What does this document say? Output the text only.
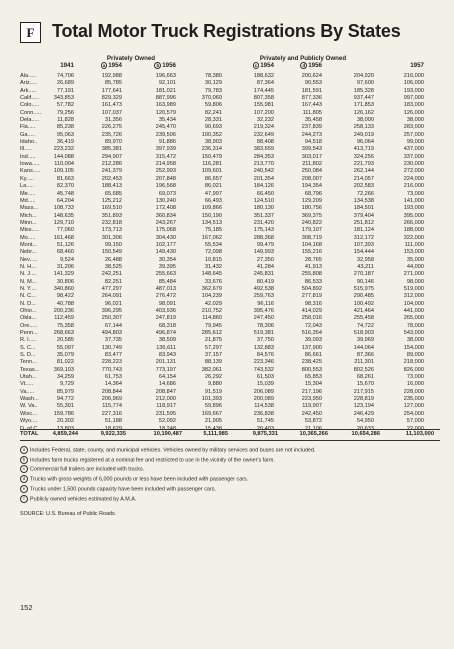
F Total Motor Truck Registrations By States
Privately Owned	Privately and Publicly Owned
1941	a 1954	b 1956	c 1954	d 1956	1957
Ala.....	74,706	192,988	196,663	78,380	188,632	200,624	204,920	216,000
Ariz.....	26,689	85,785	92,101	30,129	87,364	90,553	97,600	106,000
Ark.....	77,191	177,641	181,021	79,783	174,445	181,591	185,328	193,000
Calif.....	343,853	829,329	887,996	370,060	807,358	877,336	937,447	997,000
Colo.....	57,782	161,473	163,989	59,806	155,981	167,443	171,853	183,000
Conn.....	79,256	107,037	120,579	82,241	107,200	111,805	126,162	126,000
Dela.....	11,828	31,356	35,434	28,331	32,232	35,458	38,000	38,000
Fla.....	85,238	226,275	245,470	90,693	219,324	237,839	258,133	283,000
Ga.....	95,063	235,726	239,506	100,352	232,649	244,273	249,019	257,000
Idaho..	36,419	89,970	91,886	38,903	88,408	94,518	96,064	99,000
Ill.....	223,232	385,381	397,939	236,314	383,659	399,543	413,719	437,000
Ind.....	144,088	294,907	315,472	150,479	284,353	303,017	324,256	337,000
Iowa.....	110,004	212,286	214,958	116,281	213,770	211,802	221,793	230,000
Kans.....	109,105	241,379	252,993	109,601	240,542	250,084	262,144	272,000
Ky.....	81,663	202,453	207,848	86,657	201,354	208,007	214,057	224,000
La.....	82,370	188,413	196,568	86,021	184,126	194,354	202,583	216,000
Me.....	45,748	65,685	69,073	47,997	66,450	68,796	72,266	73,000
Md.....	64,204	125,212	130,240	66,493	124,510	129,209	134,538	141,000
Mass...	108,733	169,510	172,408	109,866	180,130	180,756	184,501	193,000
Mich...	148,635	351,893	360,834	150,190	351,337	369,375	379,404	395,000
Minn...	129,710	232,818	243,267	134,513	231,420	240,822	251,812	266,000
Miss.....	77,060	173,713	175,068	75,185	175,143	179,107	181,124	188,000
Mo.....	161,468	301,306	304,430	167,062	288,368	308,719	312,172	322,000
Mont...	51,126	99,150	102,177	55,534	99,479	104,168	107,393	111,000
Nebr...	68,460	150,549	149,430	72,098	149,993	155,216	154,444	153,000
Nev.....	9,524	26,488	30,354	10,815	27,350	28,765	32,958	35,000
N. H...	31,206	38,525	39,395	31,432	41,284	41,913	43,211	44,000
N. J....	141,329	242,251	255,663	148,645	245,831	255,808	270,187	271,000
N. M...	30,806	82,251	85,484	33,676	80,419	86,533	90,146	98,000
N. Y....	340,860	477,297	487,013	362,679	492,538	504,892	515,975	519,000
N. C...	98,422	264,091	276,472	104,239	259,763	277,819	290,485	312,000
N. D...	40,788	96,021	98,091	42,029	96,116	98,316	100,492	104,000
Ohio...	200,236	396,295	403,936	210,752	395,476	414,029	421,464	441,000
Okla...	112,459	250,307	247,819	114,860	247,450	258,016	255,458	265,000
Ore.....	75,358	67,144	68,318	79,945	78,306	72,043	74,722	78,000
Penn...	268,663	494,803	496,874	285,612	519,381	516,354	518,903	543,000
R. I.....	20,585	37,735	38,509	21,875	37,750	39,093	39,969	38,000
S. C...	55,097	130,749	136,611	57,297	132,883	137,900	144,064	154,000
S. D...	35,079	83,477	83,943	37,157	84,576	86,661	87,366	89,000
Tenn...	81,022	228,223	201,131	88,139	223,346	238,425	211,301	218,000
Texas...	369,103	770,743	773,197	382,061	743,532	800,553	802,526	826,000
Utah...	34,259	61,753	64,154	26,292	61,503	65,853	68,261	73,000
Vt.....	9,729	14,364	14,686	9,880	15,039	15,304	15,670	16,000
Va.....	85,979	208,844	208,847	91,519	206,089	217,196	217,915	228,000
Wash...	94,772	206,969	212,000	101,393	200,089	223,950	228,819	235,000
W. Va..	55,301	115,774	118,917	59,896	114,538	119,907	123,194	127,000
Wisc...	159,786	227,316	231,595	169,667	236,838	242,450	246,429	254,000
Wyo....	20,302	51,188	52,092	21,905	51,745	53,872	54,950	57,000
D. of C..	13,803	18,629	18,248	15,438	20,403	21,106	20,633	22,000
TOTAL	4,859,244	9,922,335	10,190,487	5,111,985	9,875,331	10,365,266	10,654,286	11,103,000
a Includes Federal, state, county, and municipal vehicles. Vehicles owned by military services and buses are not included.
b Includes farm trucks registered at a nominal fee and restricted to use in the vicinity of the owner's farm.
c Commercial full trailers are included with trucks.
d Trucks with gross weights of 6,000 pounds or less have been included with passenger cars.
e Trucks under 1,500 pounds capacity have been included with passenger cars.
f Publicly owned vehicles estimated by A.M.A.
SOURCE: U.S. Bureau of Public Roads.
152
